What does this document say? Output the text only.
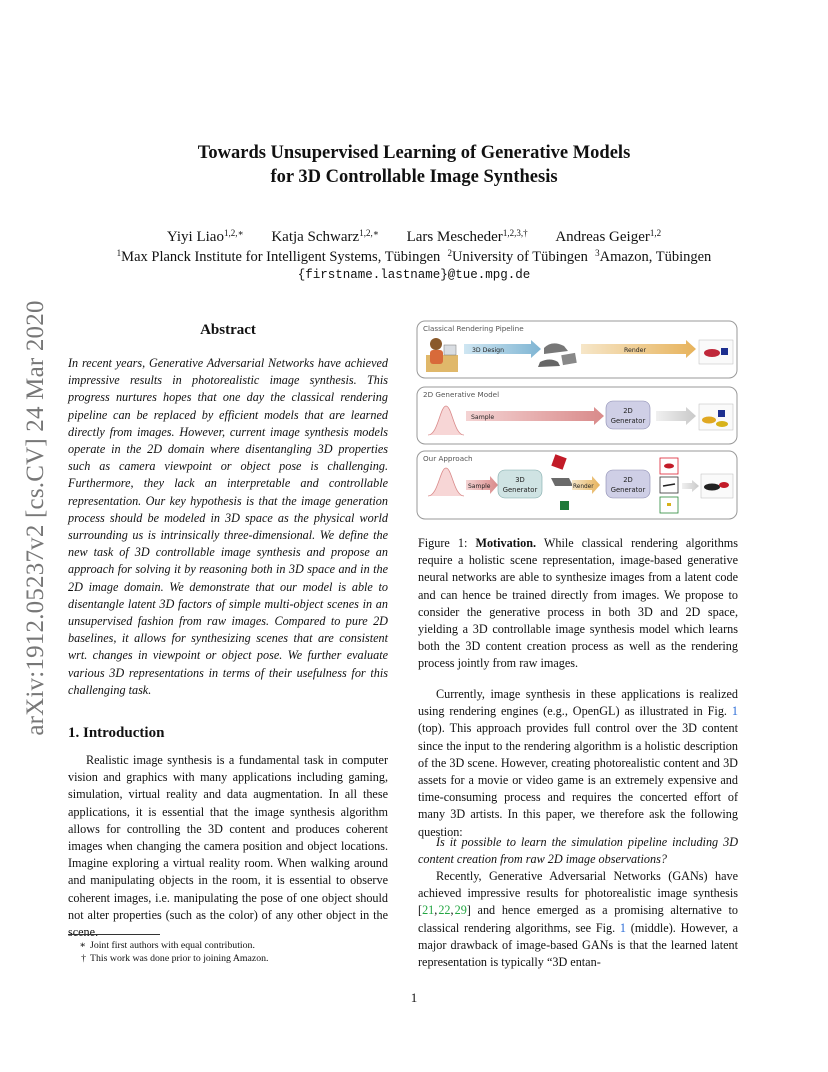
arXiv:1912.05237v2 [cs.CV] 24 Mar 2020
Towards Unsupervised Learning of Generative Models
for 3D Controllable Image Synthesis
Yiyi Liao$^{1,2,∗}$ Katja Schwarz$^{1,2,∗}$ Lars Mescheder$^{1,2,3,\dagger}$ Andreas Geiger$^{1,2}$
$^1$Max Planck Institute for Intelligent Systems, Tübingen $^2$University of Tübingen $^3$Amazon, Tübingen
{firstname.lastname}@tue.mpg.de
Abstract
In recent years, Generative Adversarial Networks have achieved impressive results in photorealistic image synthesis. This progress nurtures hopes that one day the classical rendering pipeline can be replaced by efficient models that are learned directly from images. However, current image synthesis models operate in the 2D domain where disentangling 3D properties such as camera viewpoint or object pose is challenging. Furthermore, they lack an interpretable and controllable representation. Our key hypothesis is that the image generation process should be modeled in 3D space as the physical world surrounding us is intrinsically three-dimensional. We define the new task of 3D controllable image synthesis and propose an approach for solving it by reasoning both in 3D space and in the 2D image domain. We demonstrate that our model is able to disentangle latent 3D factors of simple multi-object scenes in an unsupervised fashion from raw images. Compared to pure 2D baselines, it allows for synthesizing scenes that are consistent wrt. changes in viewpoint or object pose. We further evaluate various 3D representations in terms of their usefulness for this challenging task.
1. Introduction
Realistic image synthesis is a fundamental task in computer vision and graphics with many applications including gaming, simulation, virtual reality and data augmentation. In all these applications, it is essential that the image synthesis algorithm allows for controlling the 3D content and produces coherent images when changing the camera position and object locations. Imagine exploring a virtual reality room. When walking around and manipulating objects in the room, it is essential to observe coherent images, i.e. manipulating the pose of one object should not alter properties (such as the color) of any other object in the scene.
∗ Joint first authors with equal contribution.
† This work was done prior to joining Amazon.
Classical Rendering Pipeline
3D Design	Render
2D Generative Model
Sample
2D
Generator
Our Approach
Sample
3D
Generator	Render
2D
Generator
Figure 1: Motivation. While classical rendering algorithms require a holistic scene representation, image-based generative neural networks are able to synthesize images from a latent code and can hence be trained directly from images. We propose to consider the generative process in both 3D and 2D space, yielding a 3D controllable image synthesis model which learns both the 3D content creation process as well as the rendering process jointly from raw images.
Currently, image synthesis in these applications is realized using rendering engines (e.g., OpenGL) as illustrated in Fig. 1 (top). This approach provides full control over the 3D content since the input to the rendering algorithm is a holistic description of the 3D scene. However, creating photorealistic content and 3D assets for a movie or video game is an extremely expensive and time-consuming process and requires the concerted effort of many 3D artists. In this paper, we therefore ask the following question:
Is it possible to learn the simulation pipeline including 3D content creation from raw 2D image observations?
Recently, Generative Adversarial Networks (GANs) have achieved impressive results for photorealistic image synthesis [21, 22, 29] and hence emerged as a promising alternative to classical rendering algorithms, see Fig. 1 (middle). However, a major drawback of image-based GANs is that the learned latent representation is typically “3D entan-
1
